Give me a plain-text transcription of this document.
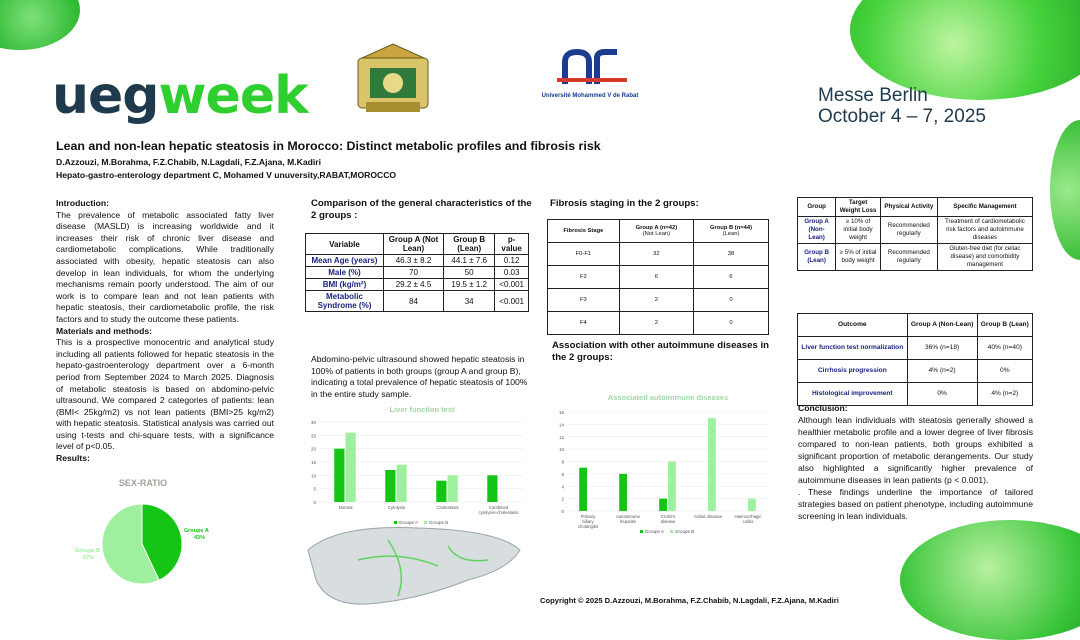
uegweek	Université Mohammed V de Rabat	Messe Berlin
October 4 – 7, 2025
Lean and non-lean hepatic steatosis in Morocco: Distinct metabolic profiles and fibrosis risk
D.Azzouzi, M.Borahma, F.Z.Chabib, N.Lagdali, F.Z.Ajana, M.Kadiri
Hepato-gastro-enterology department C, Mohamed V unuversity,RABAT,MOROCCO
Introduction:
The prevalence of metabolic associated fatty liver disease (MASLD) is increasing worldwide and it increases their risk of chronic liver disease and cardiometabolic complications. While traditionally associated with obesity, hepatic steatosis can also develop in lean individuals, for whom the underlying mechanisms remain poorly understood. The aim of our work is to compare lean and not lean patients with hepatic steatosis, their cardiometabolic profile, the risk factors and to study the outcome these patients.
Materials and methods:
This is a prospective monocentric and analytical study including all patients followed for hepatic steatosis in the hepato-gastroenterology department over a 6-month period from September 2024 to March 2025. Diagnosis of metabolic steatosis is based on abdomino-pelvic ultrasound. We compared 2 categories of patients: lean (BMI< 25kg/m2) vs not lean patients (BMI>25 kg/m2) with hepatic steatosis. Statistical analysis was carried out using t-tests and chi-square tests, with a significance level of p<0.05.
Results:
SEX-RATIO
Groupe A
43%
Groupe B
57%
Comparison of the general characteristics of the 2 groups :
Variable	Group A (Not Lean)	Group B (Lean)	p-value
Mean Age (years)	46.3 ± 8.2	44.1 ± 7.6	0.12
Male (%)	70	50	0.03
BMI (kg/m²)	29.2 ± 4.5	19.5 ± 1.2	<0.001
Metabolic Syndrome (%)	84	34	<0.001
Abdomino-pelvic ultrasound showed hepatic steatosis in 100% of patients in both groups (group A and group B), indicating a total prevalence of hepatic steatosis of 100% in the entire study sample.
Liver function test
0
5
10
15
20
25
30
Normal	Cytolysis	Cholestasis	Combined
cytolysis+cholestasis
Groupe A Groupe B
Fibrosis staging in the 2 groups:
Fibrosis Stage	Group A (n=42)
(Not Lean)	Group B (n=44)
(Lean)
F0-F1	32	38
F2	6	6
F3	2	0
F4	2	0
Association with other autoimmune diseases in the 2 groups:
Associated autoimmune diseases
0
2
4
6
8
10
12
14
16
Primary
biliary
cholangitis
Autoimmune
hepatitis
Crohn's
disease
Celiac disease	Haemorrhagic
colitis
Groupe A Groupe B
Group	Target Weight Loss	Physical Activity	Specific Management
Group A (Non-Lean)	≥ 10% of initial body weight	Recommended regularly	Treatment of cardiometabolic risk factors and autoimmune diseases
Group B (Lean)	≥ 5% of initial body weight	Recommended regularly	Gluten-free diet (for celiac disease) and comorbidity management
Outcome	Group A (Non-Lean)	Group B (Lean)
Liver function test normalization	36% (n=18)	40% (n=40)
Cirrhosis progression	4% (n=2)	0%
Histological improvement	0%	4% (n=2)
Conclusion:
Although lean individuals with steatosis generally showed a healthier metabolic profile and a lower degree of liver fibrosis compared to non-lean patients, both groups exhibited a significant proportion of metabolic derangements. Our study also highlighted a significantly higher prevalence of autoimmune diseases in lean patients (p < 0.001).
. These findings underline the importance of tailored strategies based on patient phenotype, including autoimmune screening in lean individuals.
Copyright © 2025 D.Azzouzi, M.Borahma, F.Z.Chabib, N.Lagdali, F.Z.Ajana, M.Kadiri
